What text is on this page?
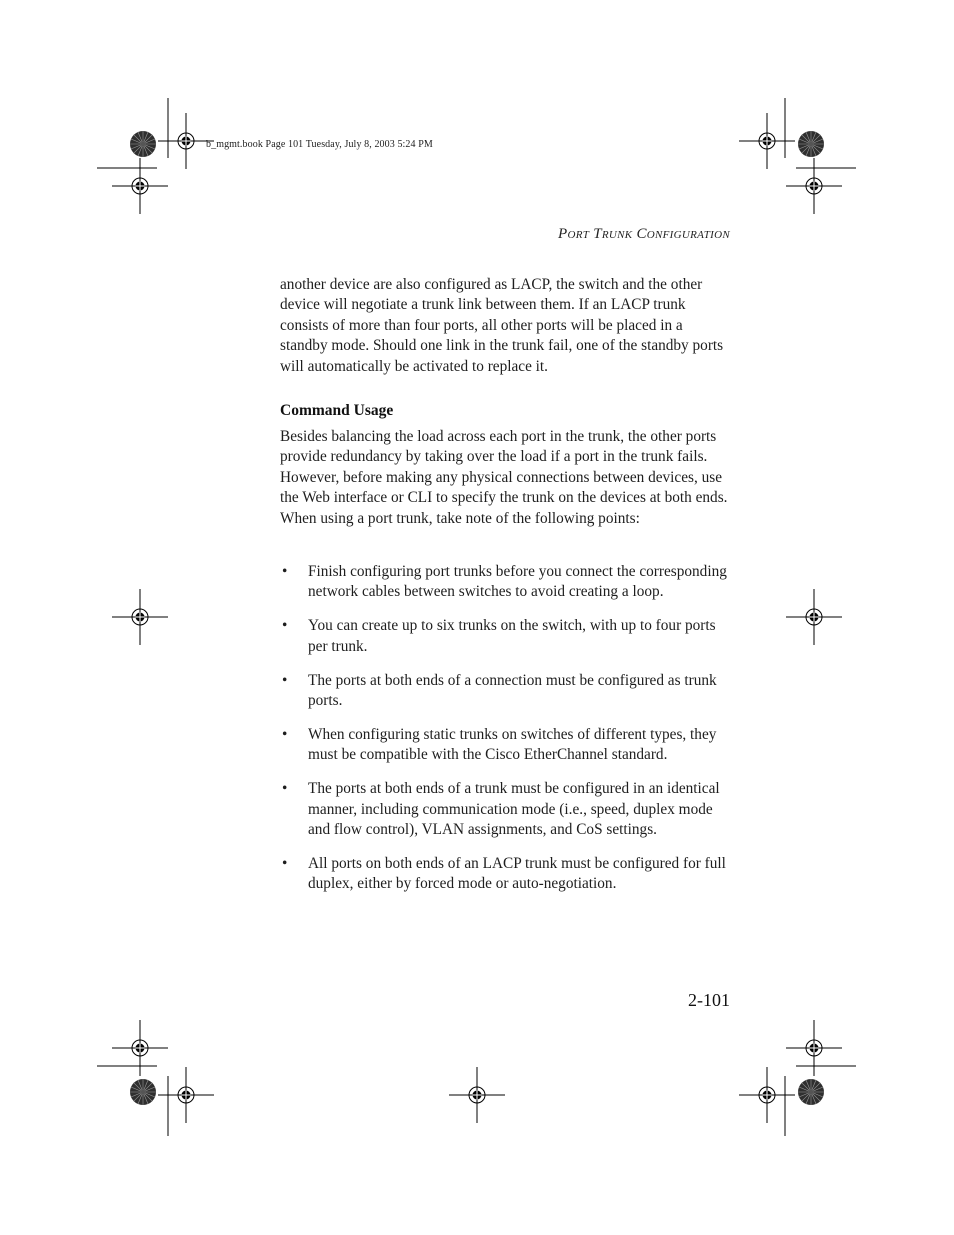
b_mgmt.book Page 101 Tuesday, July 8, 2003 5:24 PM
Port Trunk Configuration

another device are also configured as LACP, the switch and the other device will negotiate a trunk link between them. If an LACP trunk consists of more than four ports, all other ports will be placed in a standby mode. Should one link in the trunk fail, one of the standby ports will automatically be activated to replace it.

Command Usage

Besides balancing the load across each port in the trunk, the other ports provide redundancy by taking over the load if a port in the trunk fails. However, before making any physical connections between devices, use the Web interface or CLI to specify the trunk on the devices at both ends. When using a port trunk, take note of the following points:

• Finish configuring port trunks before you connect the corresponding network cables between switches to avoid creating a loop.
• You can create up to six trunks on the switch, with up to four ports per trunk.
• The ports at both ends of a connection must be configured as trunk ports.
• When configuring static trunks on switches of different types, they must be compatible with the Cisco EtherChannel standard.
• The ports at both ends of a trunk must be configured in an identical manner, including communication mode (i.e., speed, duplex mode and flow control), VLAN assignments, and CoS settings.
• All ports on both ends of an LACP trunk must be configured for full duplex, either by forced mode or auto-negotiation.
2-101
